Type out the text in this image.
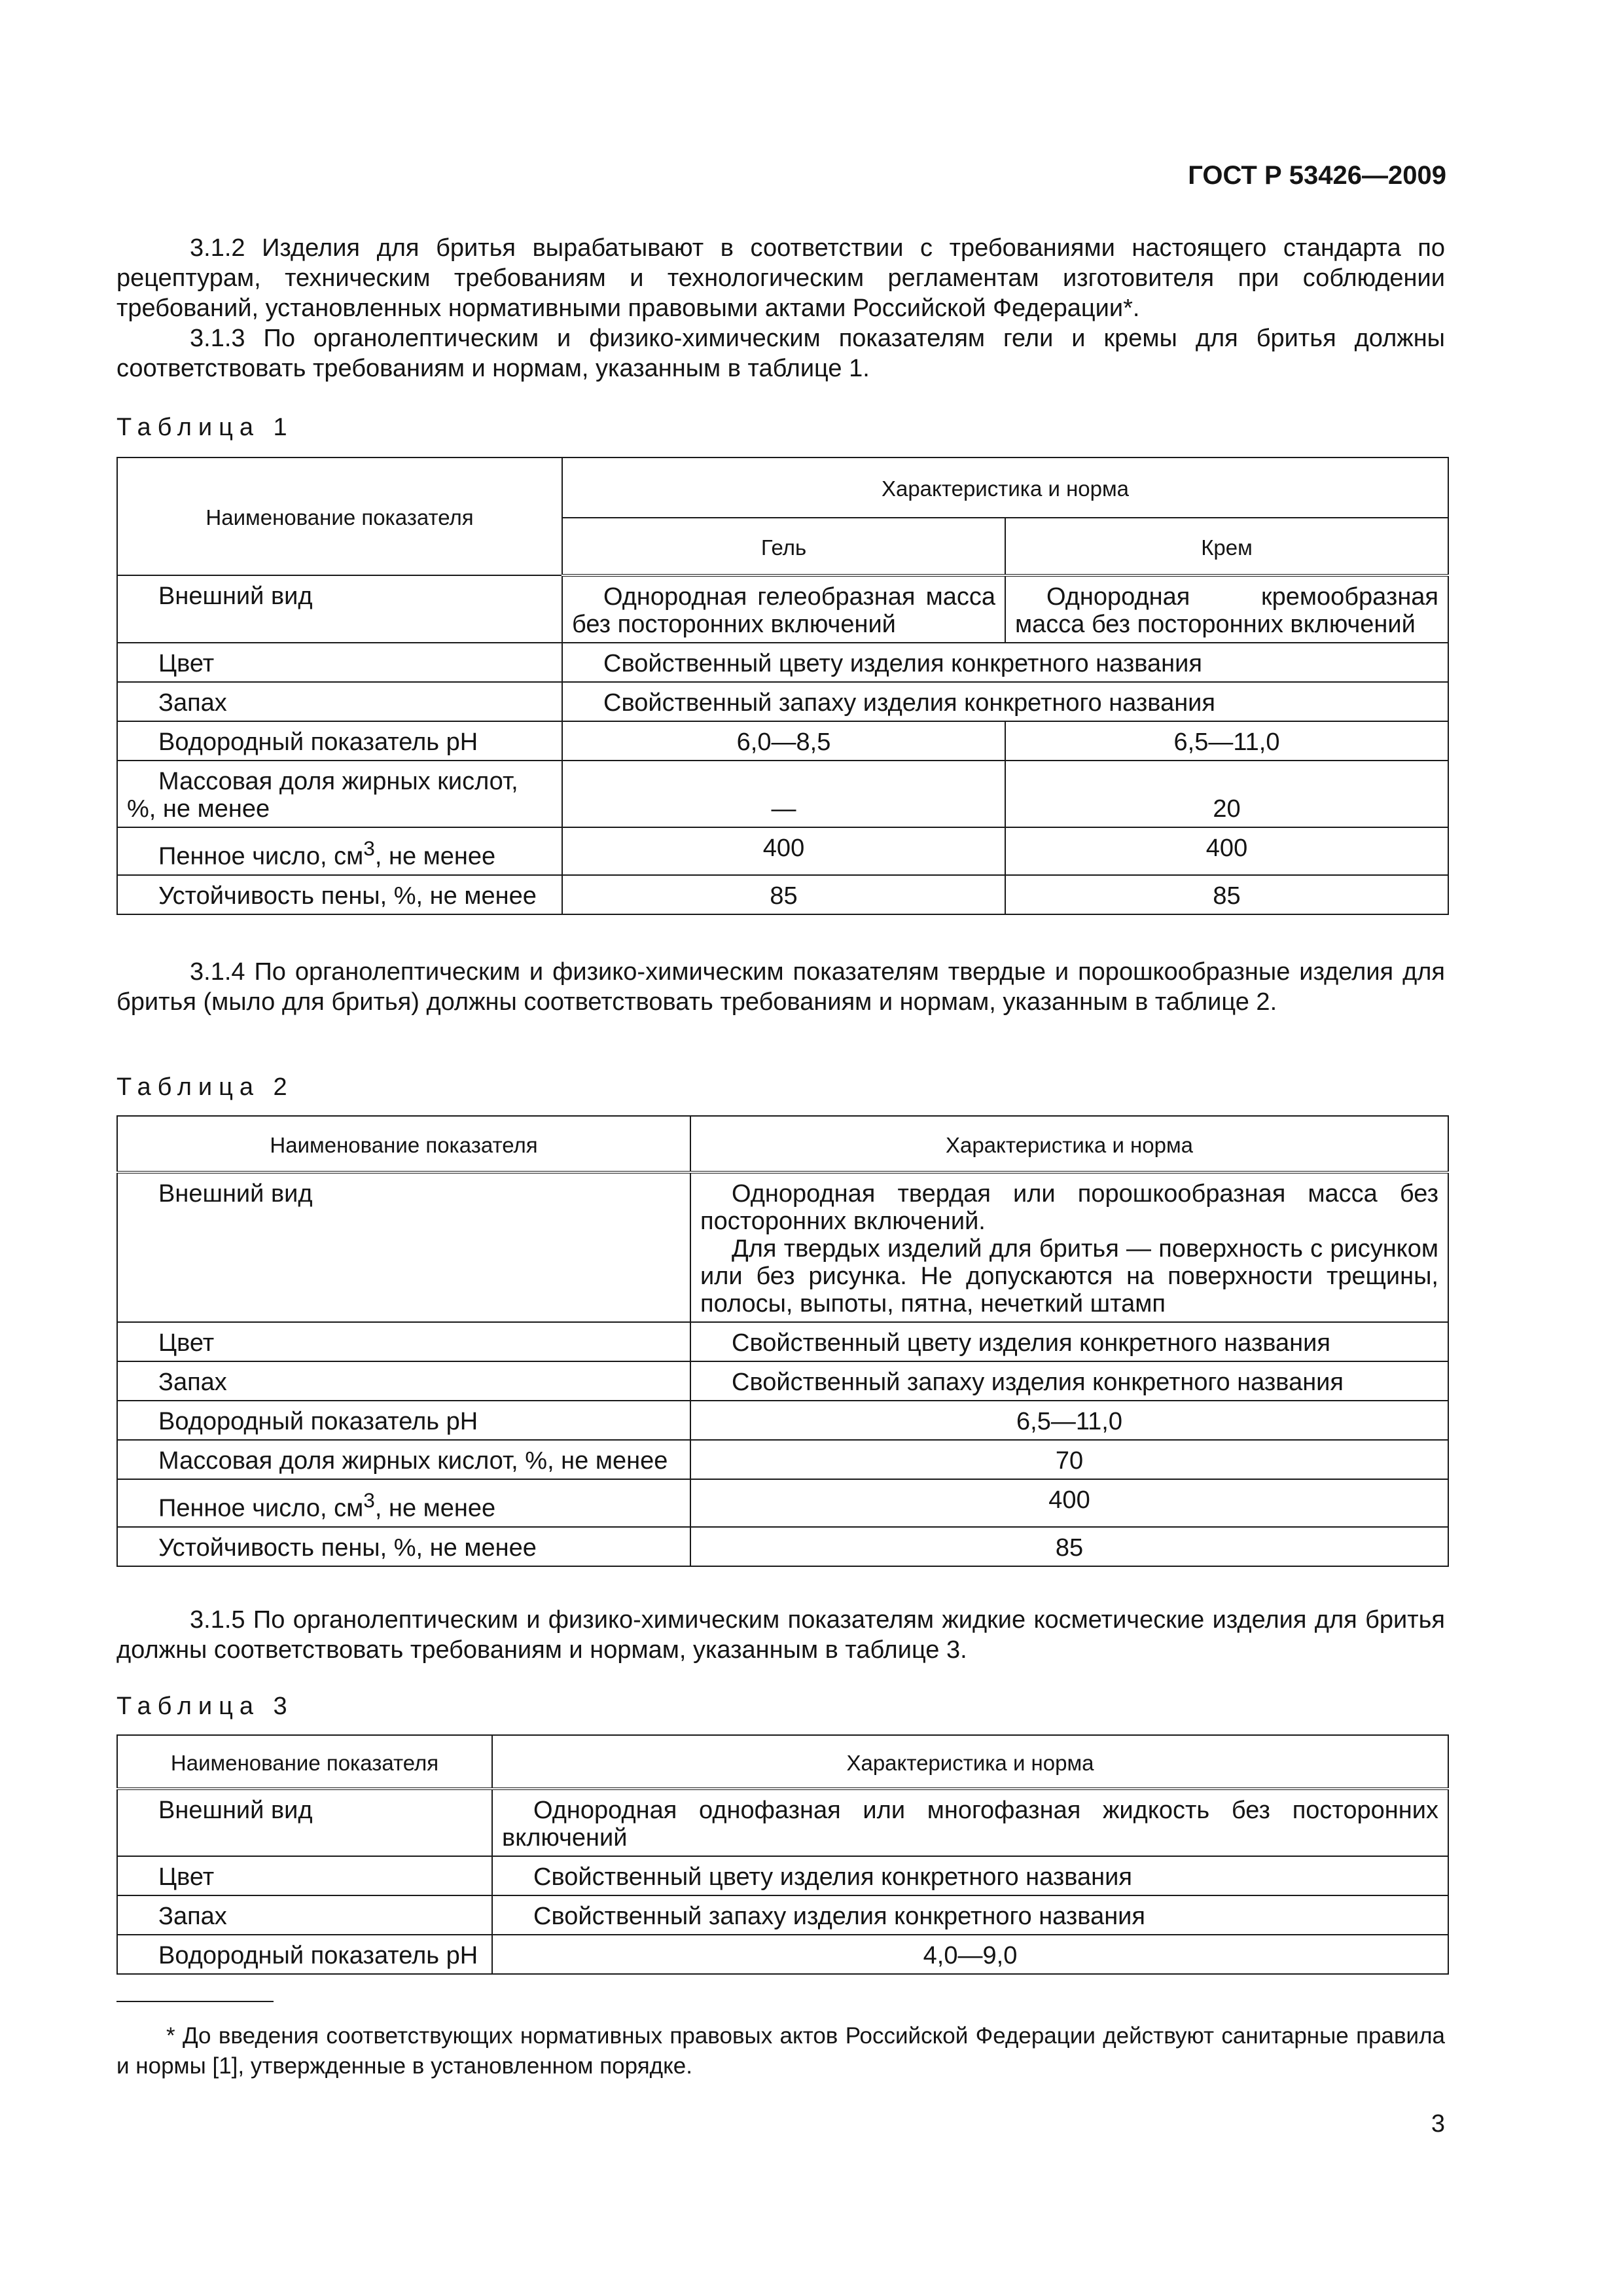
ГОСТ Р 53426—2009

3.1.2 Изделия для бритья вырабатывают в соответствии с требованиями настоящего стандарта по рецептурам, техническим требованиям и технологическим регламентам изготовителя при соблюдении требований, установленных нормативными правовыми актами Российской Федерации*.

3.1.3 По органолептическим и физико-химическим показателям гели и кремы для бритья должны соответствовать требованиям и нормам, указанным в таблице 1.

Таблица 1
Наименование показателя	Характеристика и норма	
	Гель	Крем
Внешний вид	Однородная гелеобразная масса без посторонних включений	Однородная кремообразная масса без посторонних включений
Цвет	Свойственный цвету изделия конкретного названия	
Запах	Свойственный запаху изделия конкретного названия	
Водородный показатель pH	6,0—8,5	6,5—11,0
Массовая доля жирных кислот, %, не менее	—	20
Пенное число, $см^3$, не менее	400	400
Устойчивость пены, %, не менее	85	85

3.1.4 По органолептическим и физико-химическим показателям твердые и порошкообразные изделия для бритья (мыло для бритья) должны соответствовать требованиям и нормам, указанным в таблице 2.

Таблица 2
Наименование показателя	Характеристика и норма
Внешний вид	Однородная твердая или порошкообразная масса без посторонних включений.

Для твердых изделий для бритья — поверхность с рисунком или без рисунка. Не допускаются на поверхности трещины, полосы, выпоты, пятна, нечеткий штамп

Цвет	Свойственный цвету изделия конкретного названия
Запах	Свойственный запаху изделия конкретного названия
Водородный показатель pH	6,5—11,0
Массовая доля жирных кислот, %, не менее	70
Пенное число, $см^3$, не менее	400
Устойчивость пены, %, не менее	85

3.1.5 По органолептическим и физико-химическим показателям жидкие косметические изделия для бритья должны соответствовать требованиям и нормам, указанным в таблице 3.

Таблица 3
Наименование показателя	Характеристика и норма
Внешний вид	Однородная однофазная или многофазная жидкость без посторонних включений
Цвет	Свойственный цвету изделия конкретного названия
Запах	Свойственный запаху изделия конкретного названия
Водородный показатель pH	4,0—9,0
* До введения соответствующих нормативных правовых актов Российской Федерации действуют санитарные правила и нормы [1], утвержденные в установленном порядке.
3
